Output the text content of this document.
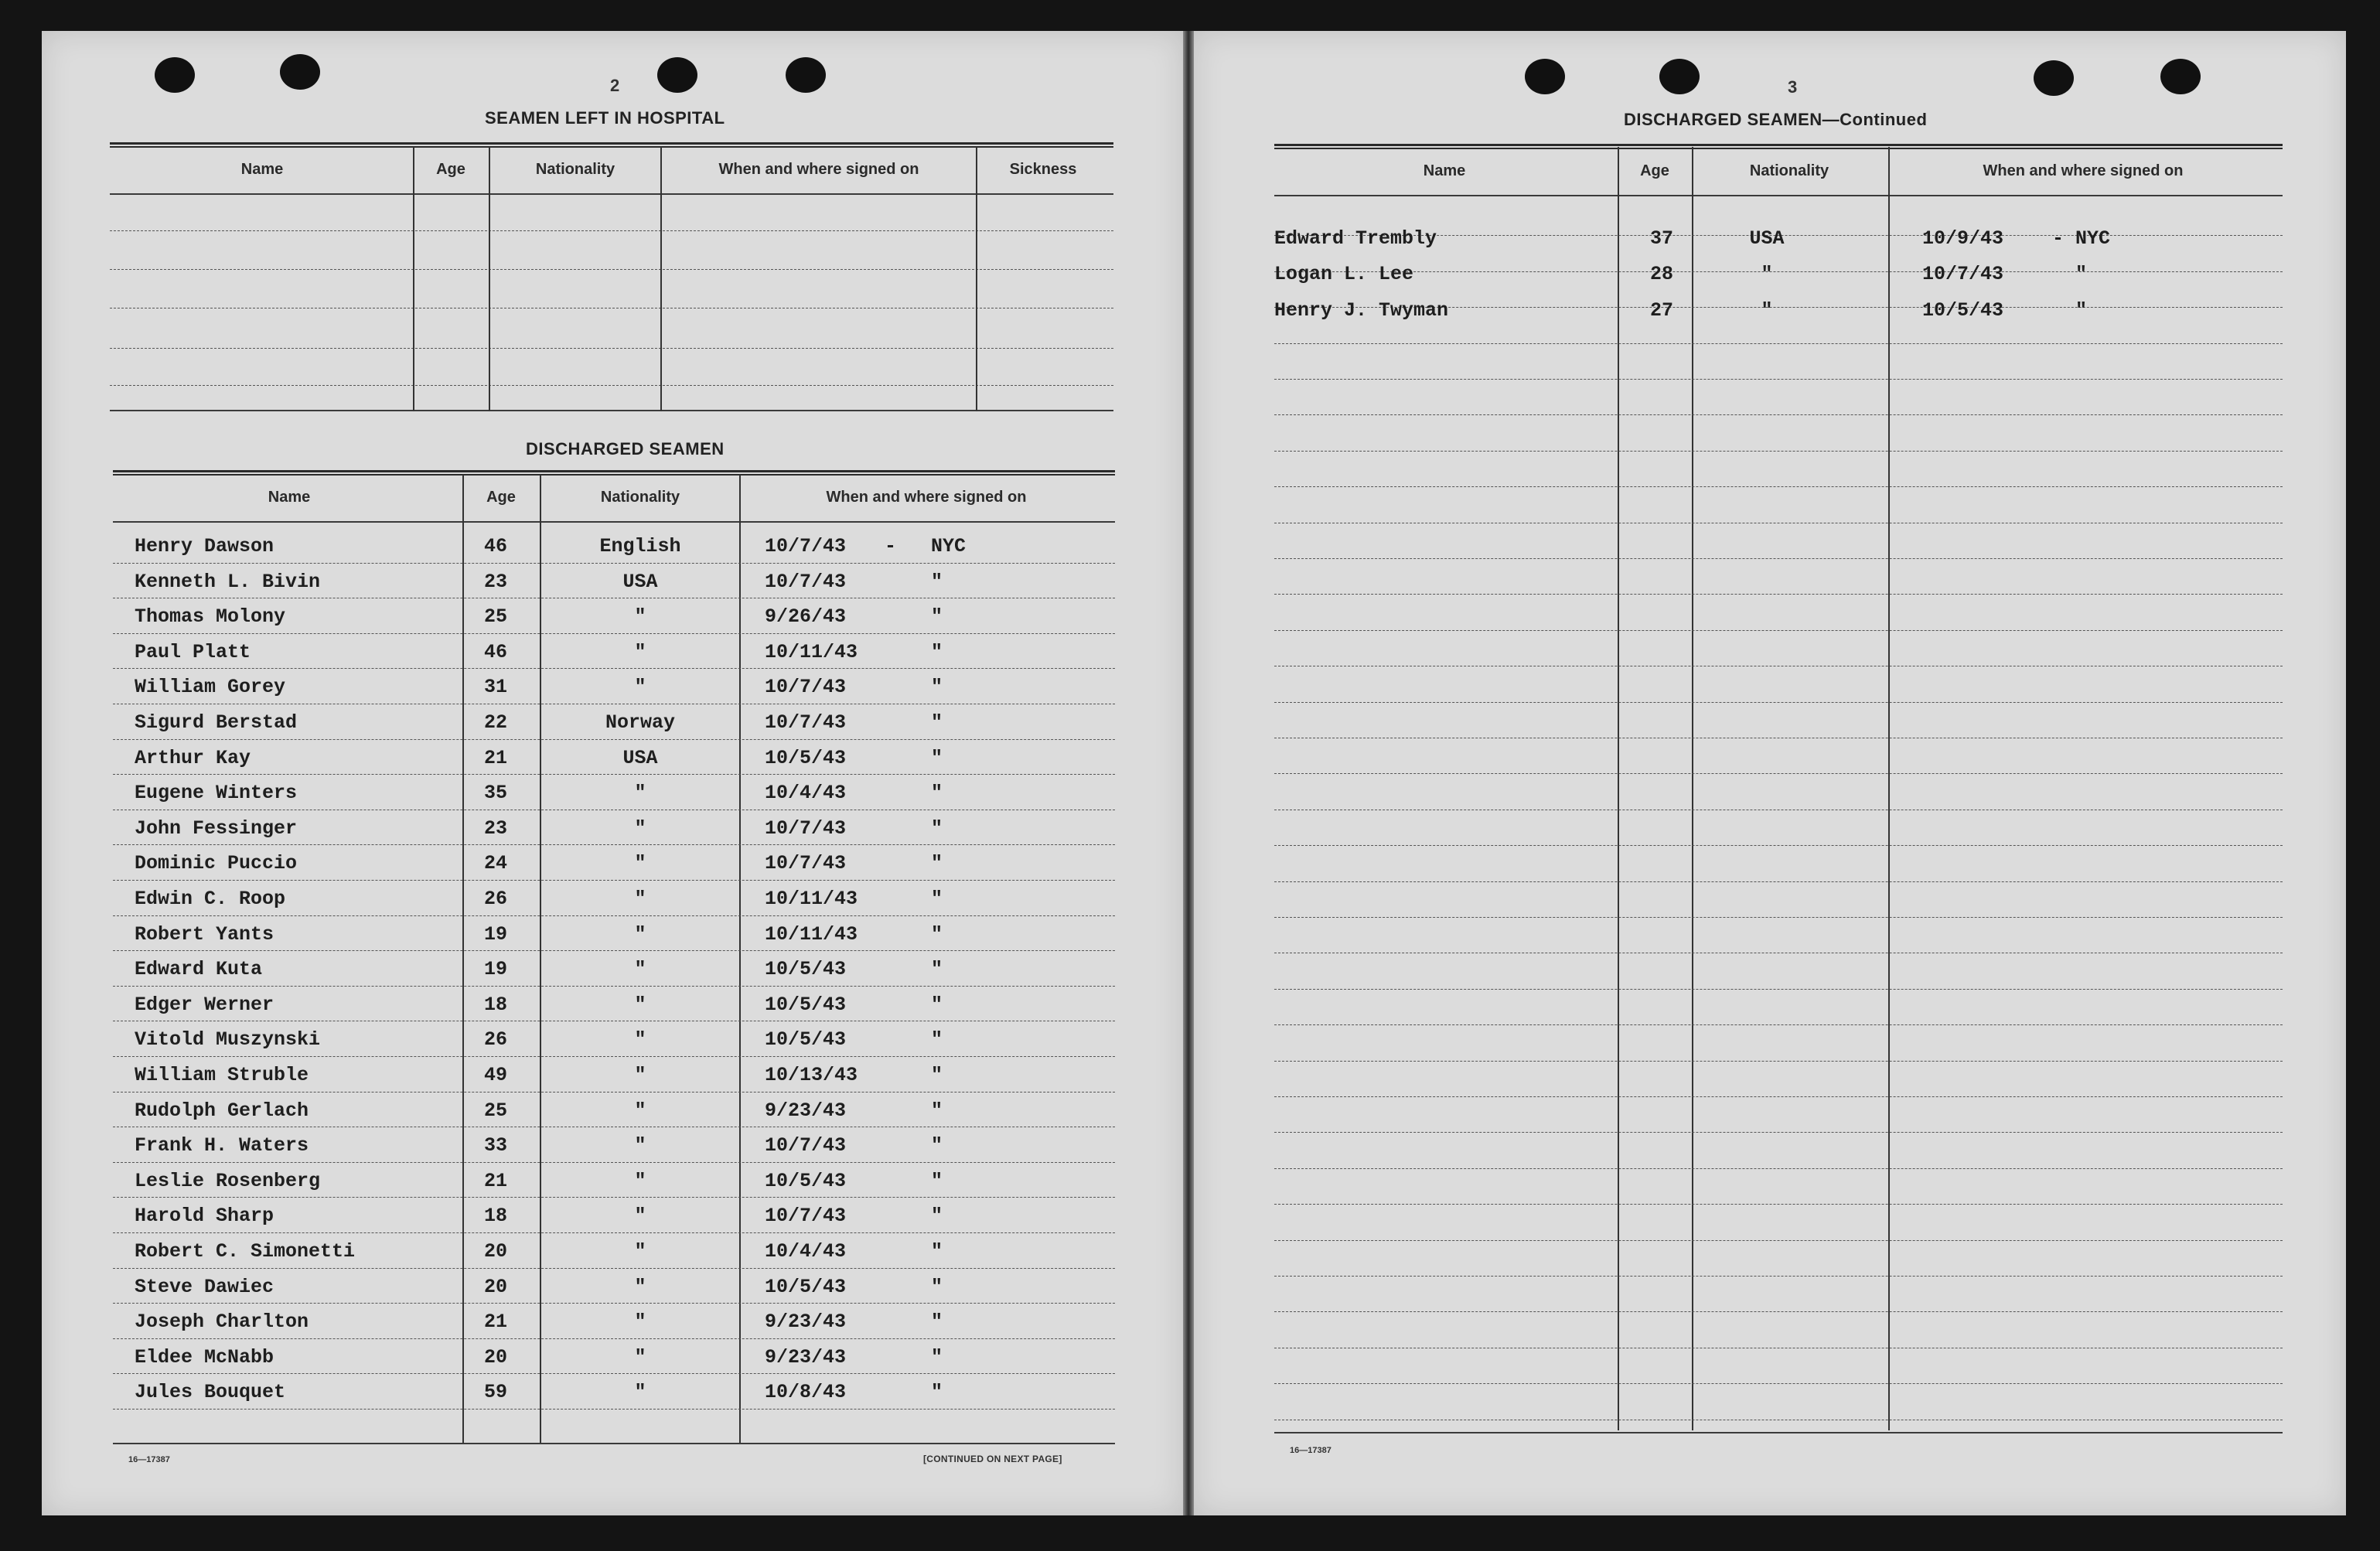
2
SEAMEN LEFT IN HOSPITAL
Name	Age	Nationality	When and where signed on	Sickness
DISCHARGED SEAMEN
Name	Age	Nationality	When and where signed on
Henry Dawson	46	English	10/7/43 - NYC
Kenneth L. Bivin	23	USA	10/7/43	"
Thomas Molony	25	"	9/26/43	"
Paul Platt	46	"	10/11/43	"
William Gorey	31	"	10/7/43	"
Sigurd Berstad	22	Norway	10/7/43	"
Arthur Kay	21	USA	10/5/43	"
Eugene Winters	35	"	10/4/43	"
John Fessinger	23	"	10/7/43	"
Dominic Puccio	24	"	10/7/43	"
Edwin C. Roop	26	"	10/11/43	"
Robert Yants	19	"	10/11/43	"
Edward Kuta	19	"	10/5/43	"
Edger Werner	18	"	10/5/43	"
Vitold Muszynski	26	"	10/5/43	"
William Struble	49	"	10/13/43	"
Rudolph Gerlach	25	"	9/23/43	"
Frank H. Waters	33	"	10/7/43	"
Leslie Rosenberg	21	"	10/5/43	"
Harold Sharp	18	"	10/7/43	"
Robert C. Simonetti	20	"	10/4/43	"
Steve Dawiec	20	"	10/5/43	"
Joseph Charlton	21	"	9/23/43	"
Eldee McNabb	20	"	9/23/43	"
Jules Bouquet	59	"	10/8/43	"
16—17387	[CONTINUED ON NEXT PAGE]
3
DISCHARGED SEAMEN—Continued
Name	Age	Nationality	When and where signed on
Edward Trembly	37	USA	10/9/43	- NYC
Logan L. Lee	28	"	10/7/43	"
Henry J. Twyman	27	"	10/5/43	"
16—17387
